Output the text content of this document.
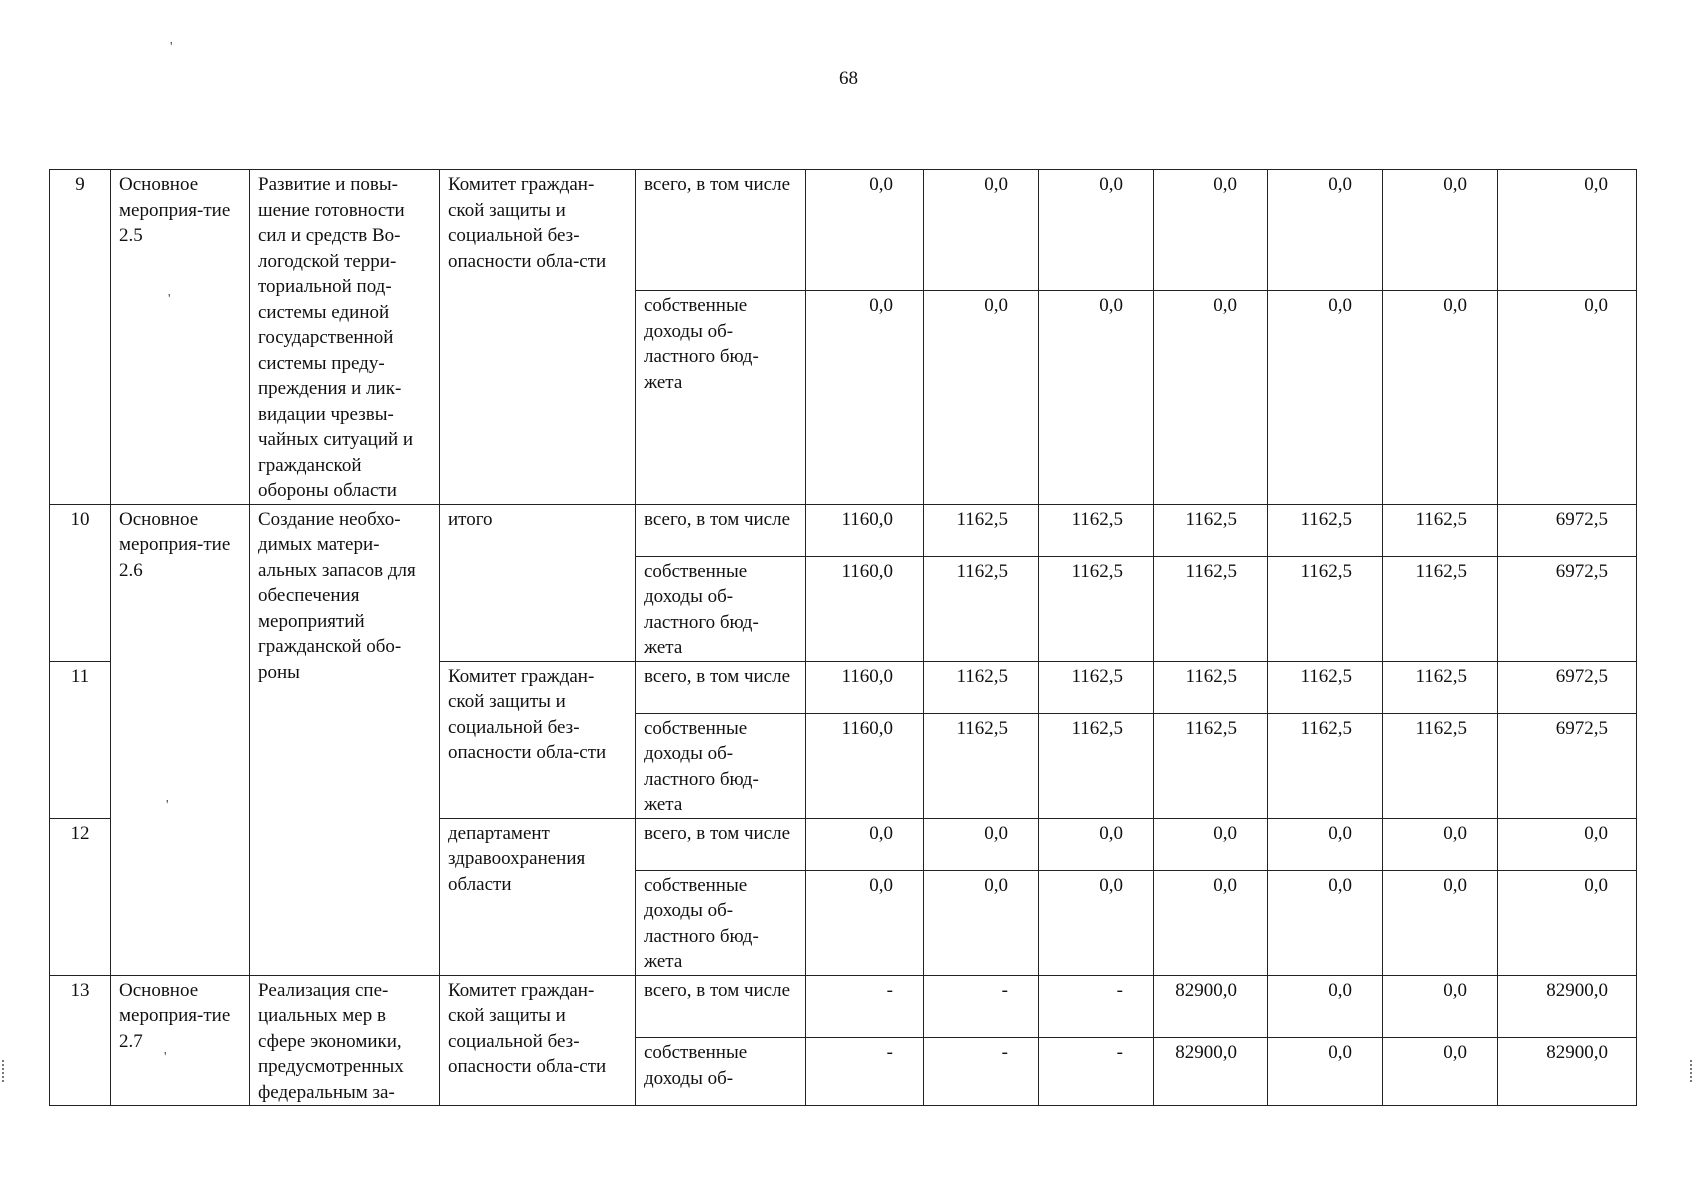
68
'
'
'
'
9	Основное мероприя-тие 2.5	Развитие и повы-шение готовности сил и средств Во-логодской терри-ториальной под-системы единой государственной системы преду-преждения и лик-видации чрезвы-чайных ситуаций и гражданской обороны области	Комитет граждан-ской защиты и социальной без-опасности обла-сти	всего, в том числе	0,0	0,0	0,0	0,0	0,0	0,0	0,0
				собственные доходы об-ластного бюд-жета	0,0	0,0	0,0	0,0	0,0	0,0	0,0
10	Основное мероприя-тие 2.6	Создание необхо-димых матери-альных запасов для обеспечения мероприятий гражданской обо-роны	итого	всего, в том числе	1160,0	1162,5	1162,5	1162,5	1162,5	1162,5	6972,5
				собственные доходы об-ластного бюд-жета	1160,0	1162,5	1162,5	1162,5	1162,5	1162,5	6972,5
11			Комитет граждан-ской защиты и социальной без-опасности обла-сти	всего, в том числе	1160,0	1162,5	1162,5	1162,5	1162,5	1162,5	6972,5
				собственные доходы об-ластного бюд-жета	1160,0	1162,5	1162,5	1162,5	1162,5	1162,5	6972,5
12			департамент здравоохранения области	всего, в том числе	0,0	0,0	0,0	0,0	0,0	0,0	0,0
				собственные доходы об-ластного бюд-жета	0,0	0,0	0,0	0,0	0,0	0,0	0,0
13	Основное мероприя-тие 2.7	Реализация спе-циальных мер в сфере экономики, предусмотренных федеральным за-	Комитет граждан-ской защиты и социальной без-опасности обла-сти	всего, в том числе	-	-	-	82900,0	0,0	0,0	82900,0
				собственные доходы об-	-	-	-	82900,0	0,0	0,0	82900,0
